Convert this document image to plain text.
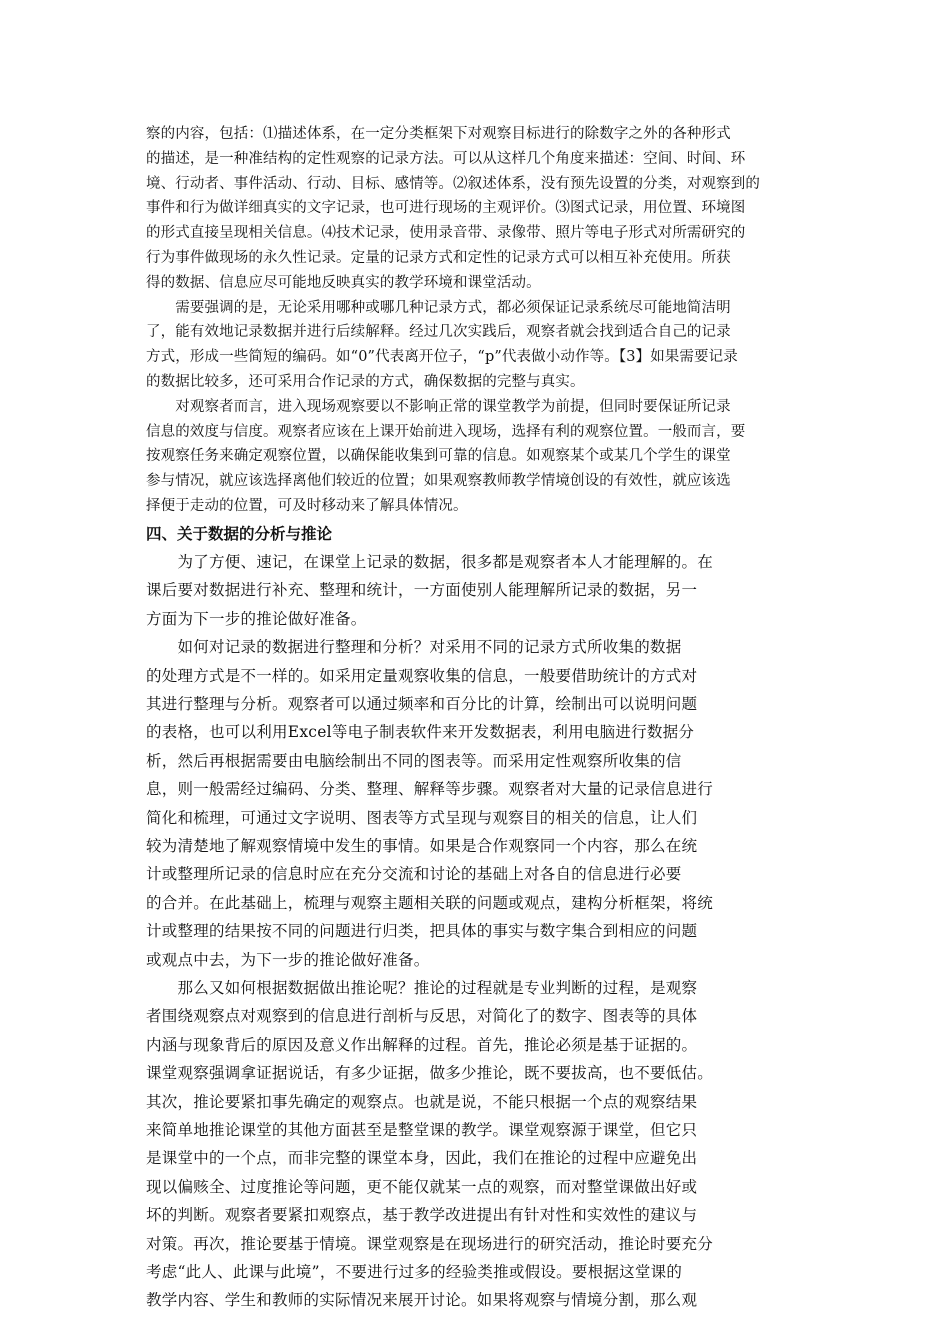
察的内容，包括：⑴描述体系，在一定分类框架下对观察目标进行的除数字之外的各种形式
的描述，是一种准结构的定性观察的记录方法。可以从这样几个角度来描述：空间、时间、环
境、行动者、事件活动、行动、目标、感情等。⑵叙述体系，没有预先设置的分类，对观察到的
事件和行为做详细真实的文字记录，也可进行现场的主观评价。⑶图式记录，用位置、环境图
的形式直接呈现相关信息。⑷技术记录，使用录音带、录像带、照片等电子形式对所需研究的
行为事件做现场的永久性记录。定量的记录方式和定性的记录方式可以相互补充使用。所获
得的数据、信息应尽可能地反映真实的教学环境和课堂活动。
　　需要强调的是，无论采用哪种或哪几种记录方式，都必须保证记录系统尽可能地简洁明
了，能有效地记录数据并进行后续解释。经过几次实践后，观察者就会找到适合自己的记录
方式，形成一些简短的编码。如“0”代表离开位子，“p”代表做小动作等。【3】如果需要记录
的数据比较多，还可采用合作记录的方式，确保数据的完整与真实。
　　对观察者而言，进入现场观察要以不影响正常的课堂教学为前提，但同时要保证所记录
信息的效度与信度。观察者应该在上课开始前进入现场，选择有利的观察位置。一般而言，要
按观察任务来确定观察位置，以确保能收集到可靠的信息。如观察某个或某几个学生的课堂
参与情况，就应该选择离他们较近的位置；如果观察教师教学情境创设的有效性，就应该选
择便于走动的位置，可及时移动来了解具体情况。
四、关于数据的分析与推论
　　为了方便、速记，在课堂上记录的数据，很多都是观察者本人才能理解的。在
课后要对数据进行补充、整理和统计，一方面使别人能理解所记录的数据，另一
方面为下一步的推论做好准备。
　　如何对记录的数据进行整理和分析？对采用不同的记录方式所收集的数据
的处理方式是不一样的。如采用定量观察收集的信息，一般要借助统计的方式对
其进行整理与分析。观察者可以通过频率和百分比的计算，绘制出可以说明问题
的表格，也可以利用Excel等电子制表软件来开发数据表，利用电脑进行数据分
析，然后再根据需要由电脑绘制出不同的图表等。而采用定性观察所收集的信
息，则一般需经过编码、分类、整理、解释等步骤。观察者对大量的记录信息进行
简化和梳理，可通过文字说明、图表等方式呈现与观察目的相关的信息，让人们
较为清楚地了解观察情境中发生的事情。如果是合作观察同一个内容，那么在统
计或整理所记录的信息时应在充分交流和讨论的基础上对各自的信息进行必要
的合并。在此基础上，梳理与观察主题相关联的问题或观点，建构分析框架，将统
计或整理的结果按不同的问题进行归类，把具体的事实与数字集合到相应的问题
或观点中去，为下一步的推论做好准备。
　　那么又如何根据数据做出推论呢？推论的过程就是专业判断的过程，是观察
者围绕观察点对观察到的信息进行剖析与反思，对简化了的数字、图表等的具体
内涵与现象背后的原因及意义作出解释的过程。首先，推论必须是基于证据的。
课堂观察强调拿证据说话，有多少证据，做多少推论，既不要拔高，也不要低估。
其次，推论要紧扣事先确定的观察点。也就是说，不能只根据一个点的观察结果
来简单地推论课堂的其他方面甚至是整堂课的教学。课堂观察源于课堂，但它只
是课堂中的一个点，而非完整的课堂本身，因此，我们在推论的过程中应避免出
现以偏赅全、过度推论等问题，更不能仅就某一点的观察，而对整堂课做出好或
坏的判断。观察者要紧扣观察点，基于教学改进提出有针对性和实效性的建议与
对策。再次，推论要基于情境。课堂观察是在现场进行的研究活动，推论时要充分
考虑“此人、此课与此境”，不要进行过多的经验类推或假设。要根据这堂课的
教学内容、学生和教师的实际情况来展开讨论。如果将观察与情境分割，那么观
